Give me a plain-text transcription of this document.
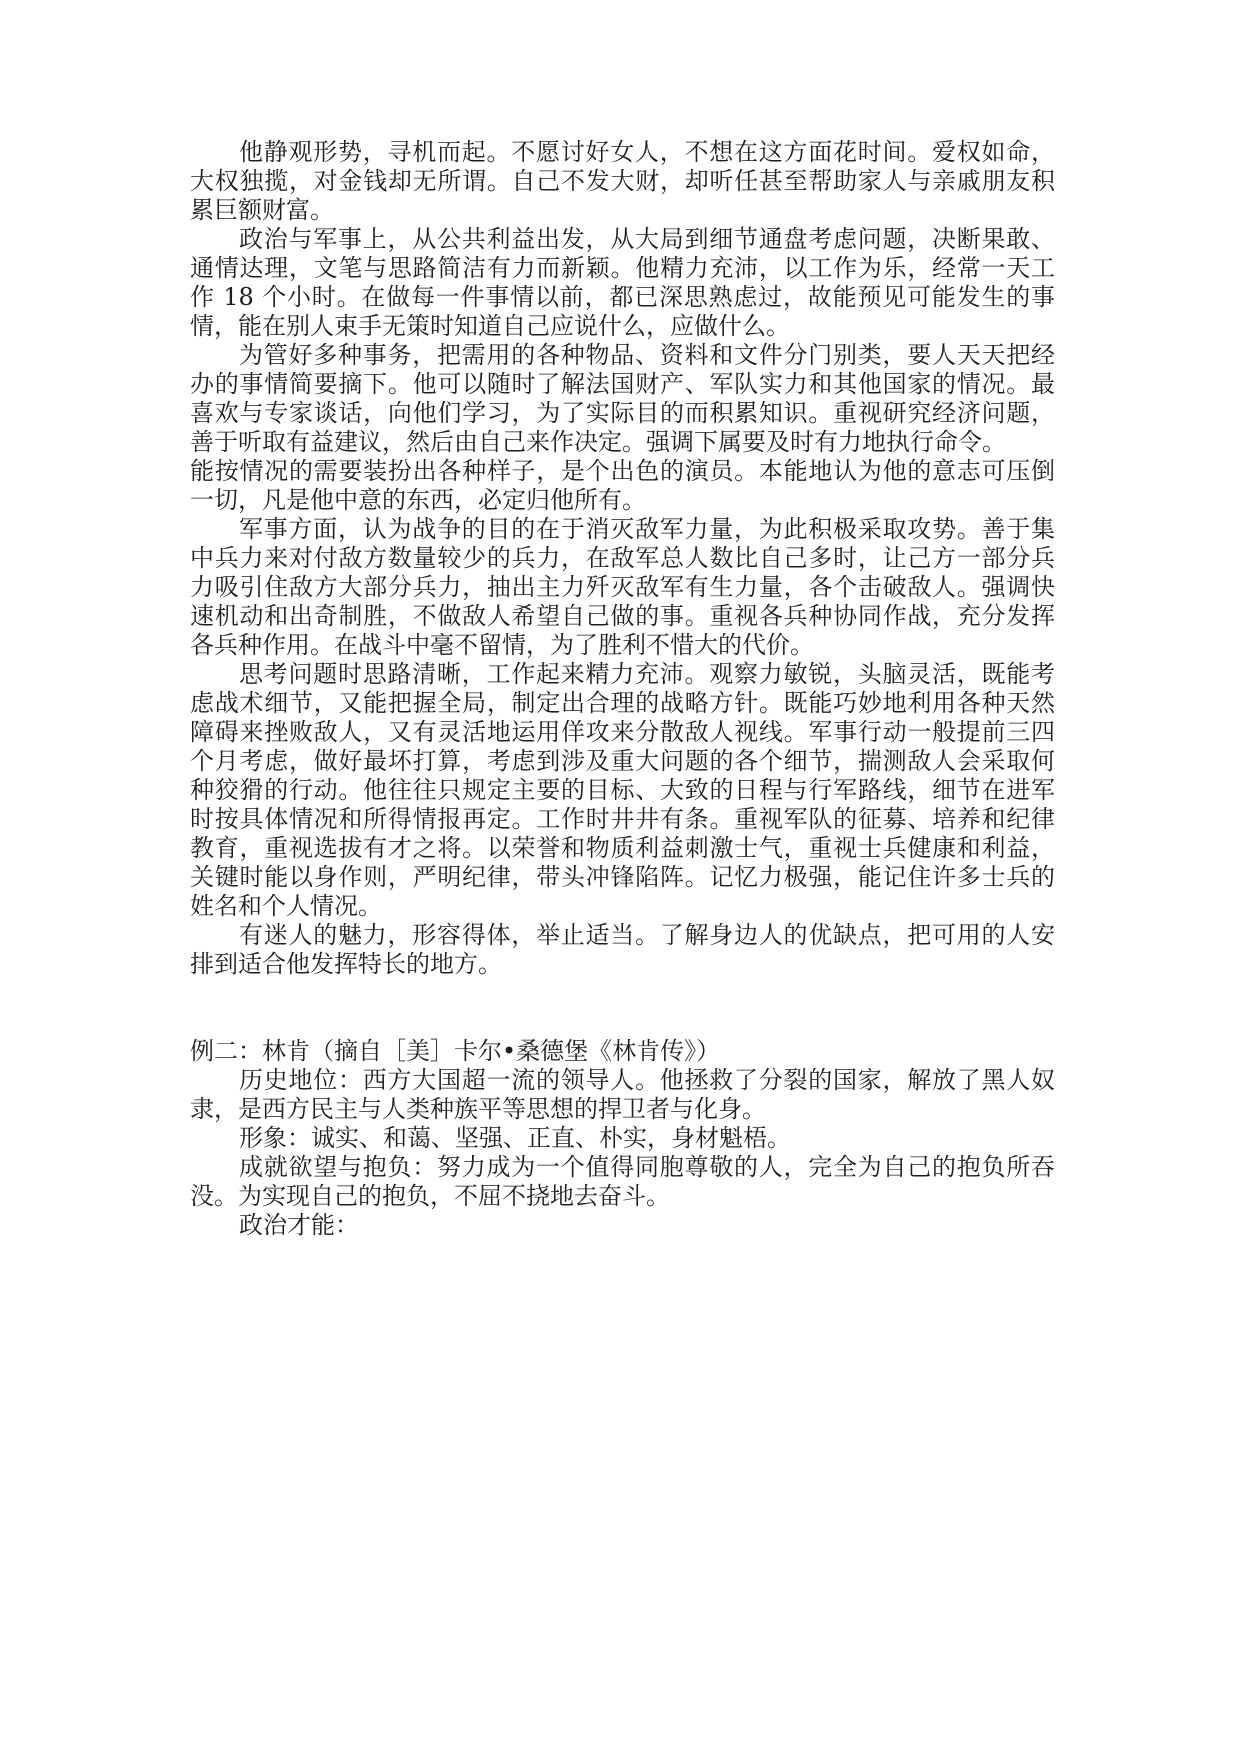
他静观形势，寻机而起。不愿讨好女人，不想在这方面花时间。爱权如命，
大权独揽，对金钱却无所谓。自己不发大财，却听任甚至帮助家人与亲戚朋友积
累巨额财富。
政治与军事上，从公共利益出发，从大局到细节通盘考虑问题，决断果敢、
通情达理，文笔与思路简洁有力而新颖。他精力充沛，以工作为乐，经常一天工
作 18 个小时。在做每一件事情以前，都已深思熟虑过，故能预见可能发生的事
情，能在别人束手无策时知道自己应说什么，应做什么。
为管好多种事务，把需用的各种物品、资料和文件分门别类，要人天天把经
办的事情简要摘下。他可以随时了解法国财产、军队实力和其他国家的情况。最
喜欢与专家谈话，向他们学习，为了实际目的而积累知识。重视研究经济问题，
善于听取有益建议，然后由自己来作决定。强调下属要及时有力地执行命令。
能按情况的需要装扮出各种样子，是个出色的演员。本能地认为他的意志可压倒
一切，凡是他中意的东西，必定归他所有。
军事方面，认为战争的目的在于消灭敌军力量，为此积极采取攻势。善于集
中兵力来对付敌方数量较少的兵力，在敌军总人数比自己多时，让己方一部分兵
力吸引住敌方大部分兵力，抽出主力歼灭敌军有生力量，各个击破敌人。强调快
速机动和出奇制胜，不做敌人希望自己做的事。重视各兵种协同作战，充分发挥
各兵种作用。在战斗中毫不留情，为了胜利不惜大的代价。
思考问题时思路清晰，工作起来精力充沛。观察力敏锐，头脑灵活，既能考
虑战术细节，又能把握全局，制定出合理的战略方针。既能巧妙地利用各种天然
障碍来挫败敌人，又有灵活地运用佯攻来分散敌人视线。军事行动一般提前三四
个月考虑，做好最坏打算，考虑到涉及重大问题的各个细节，揣测敌人会采取何
种狡猾的行动。他往往只规定主要的目标、大致的日程与行军路线，细节在进军
时按具体情况和所得情报再定。工作时井井有条。重视军队的征募、培养和纪律
教育，重视选拔有才之将。以荣誉和物质利益刺激士气，重视士兵健康和利益，
关键时能以身作则，严明纪律，带头冲锋陷阵。记忆力极强，能记住许多士兵的
姓名和个人情况。
有迷人的魅力，形容得体，举止适当。了解身边人的优缺点，把可用的人安
排到适合他发挥特长的地方。
例二：林肯（摘自［美］卡尔•桑德堡《林肯传》）
历史地位：西方大国超一流的领导人。他拯救了分裂的国家，解放了黑人奴
隶，是西方民主与人类种族平等思想的捍卫者与化身。
形象：诚实、和蔼、坚强、正直、朴实，身材魁梧。
成就欲望与抱负：努力成为一个值得同胞尊敬的人，完全为自己的抱负所吞
没。为实现自己的抱负，不屈不挠地去奋斗。
政治才能：
